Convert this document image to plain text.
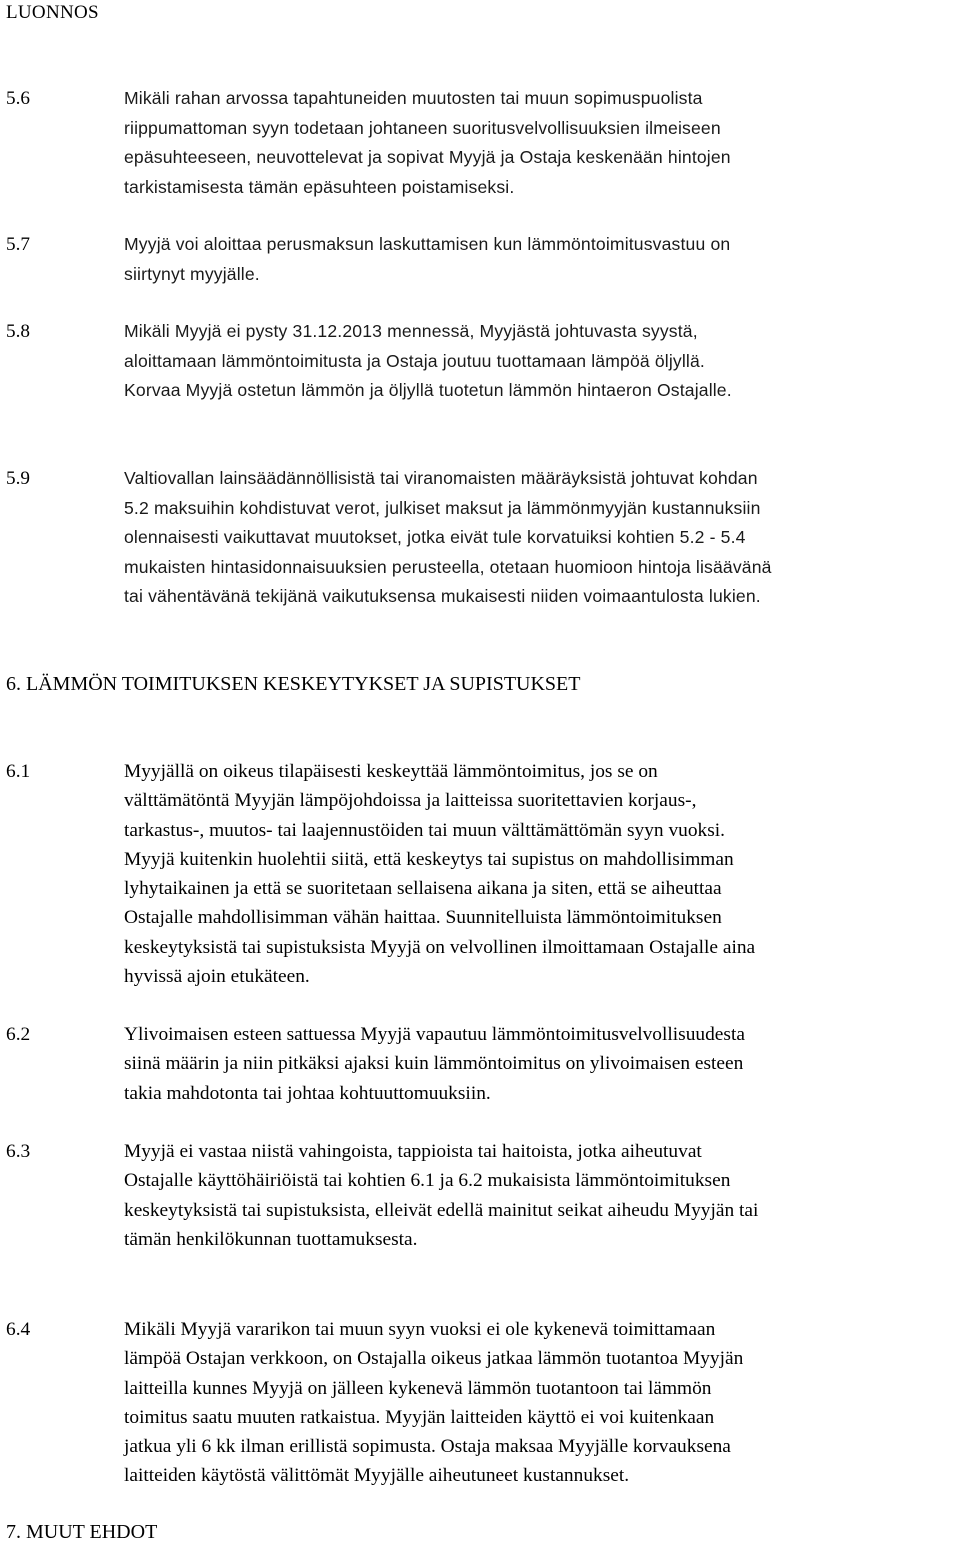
LUONNOS
5.6	Mikäli rahan arvossa tapahtuneiden muutosten tai muun sopimuspuolista
riippumattoman syyn todetaan johtaneen suoritusvelvollisuuksien ilmeiseen
epäsuhteeseen, neuvottelevat ja sopivat Myyjä ja Ostaja keskenään hintojen
tarkistamisesta tämän epäsuhteen poistamiseksi.
5.7	Myyjä voi aloittaa perusmaksun laskuttamisen kun lämmöntoimitusvastuu on
siirtynyt myyjälle.
5.8	Mikäli Myyjä ei pysty 31.12.2013 mennessä, Myyjästä johtuvasta syystä,
aloittamaan lämmöntoimitusta ja Ostaja joutuu tuottamaan lämpöä öljyllä.
Korvaa Myyjä ostetun lämmön ja öljyllä tuotetun lämmön hintaeron Ostajalle.
5.9	Valtiovallan lainsäädännöllisistä tai viranomaisten määräyksistä johtuvat kohdan
5.2 maksuihin kohdistuvat verot, julkiset maksut ja lämmönmyyjän kustannuksiin
olennaisesti vaikuttavat muutokset, jotka eivät tule korvatuiksi kohtien 5.2 - 5.4
mukaisten hintasidonnaisuuksien perusteella, otetaan huomioon hintoja lisäävänä
tai vähentävänä tekijänä vaikutuksensa mukaisesti niiden voimaantulosta lukien.
6. LÄMMÖN TOIMITUKSEN KESKEYTYKSET JA SUPISTUKSET
6.1	Myyjällä on oikeus tilapäisesti keskeyttää lämmöntoimitus, jos se on
välttämätöntä Myyjän lämpöjohdoissa ja laitteissa suoritettavien korjaus-,
tarkastus-, muutos- tai laajennustöiden tai muun välttämättömän syyn vuoksi.
Myyjä kuitenkin huolehtii siitä, että keskeytys tai supistus on mahdollisimman
lyhytaikainen ja että se suoritetaan sellaisena aikana ja siten, että se aiheuttaa
Ostajalle mahdollisimman vähän haittaa. Suunnitelluista lämmöntoimituksen
keskeytyksistä tai supistuksista Myyjä on velvollinen ilmoittamaan Ostajalle aina
hyvissä ajoin etukäteen.
6.2	Ylivoimaisen esteen sattuessa Myyjä vapautuu lämmöntoimitusvelvollisuudesta
siinä määrin ja niin pitkäksi ajaksi kuin lämmöntoimitus on ylivoimaisen esteen
takia mahdotonta tai johtaa kohtuuttomuuksiin.
6.3	Myyjä ei vastaa niistä vahingoista, tappioista tai haitoista, jotka aiheutuvat
Ostajalle käyttöhäiriöistä tai kohtien 6.1 ja 6.2 mukaisista lämmöntoimituksen
keskeytyksistä tai supistuksista, elleivät edellä mainitut seikat aiheudu Myyjän tai
tämän henkilökunnan tuottamuksesta.
6.4	Mikäli Myyjä vararikon tai muun syyn vuoksi ei ole kykenevä toimittamaan
lämpöä Ostajan verkkoon, on Ostajalla oikeus jatkaa lämmön tuotantoa Myyjän
laitteilla kunnes Myyjä on jälleen kykenevä lämmön tuotantoon tai lämmön
toimitus saatu muuten ratkaistua. Myyjän laitteiden käyttö ei voi kuitenkaan
jatkua yli 6 kk ilman erillistä sopimusta. Ostaja maksaa Myyjälle korvauksena
laitteiden käytöstä välittömät Myyjälle aiheutuneet kustannukset.
7. MUUT EHDOT
